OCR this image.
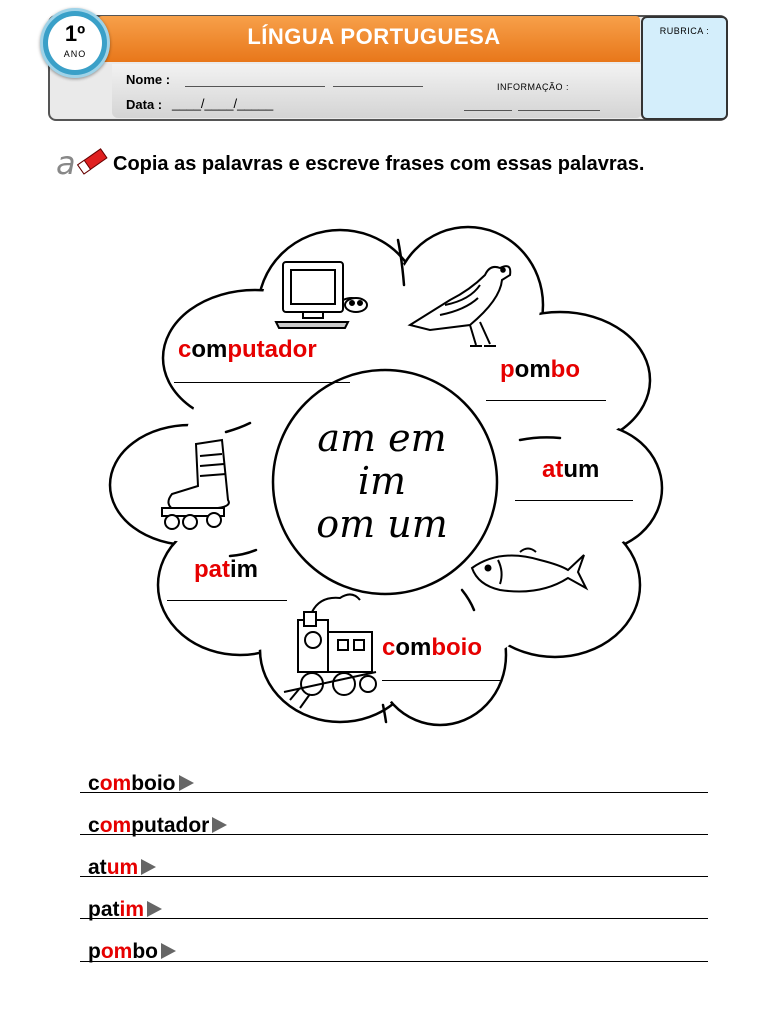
LÍNGUA PORTUGUESA
1º
ANO
RUBRICA :
Nome :
Data : ____/____/_____
INFORMAÇÃO :
a Copia as palavras e escreve frases com essas palavras.
am em
im
om um
computador
pombo
atum
patim
comboio
comboio
computador
atum
patim
pombo
